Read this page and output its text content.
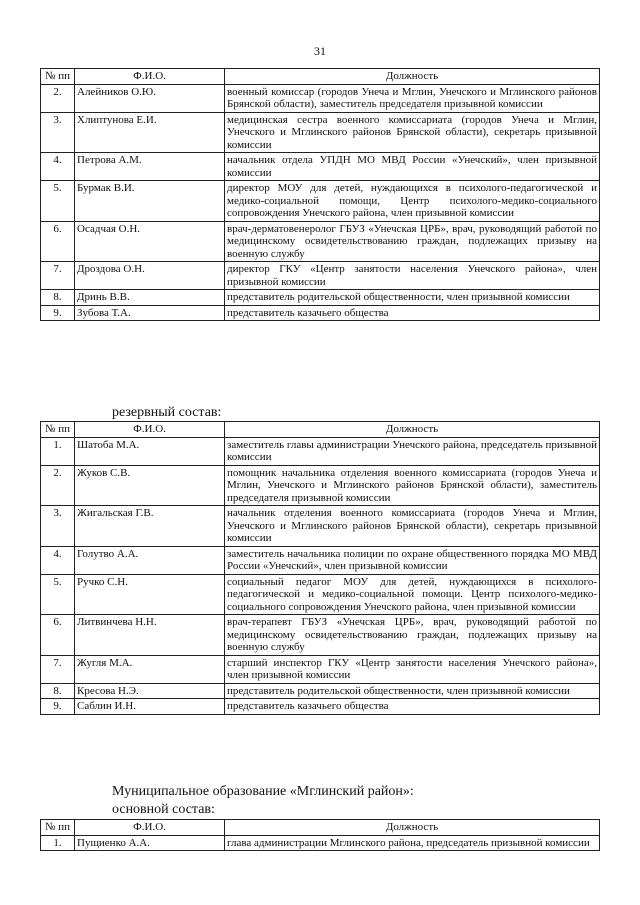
31
№ пп	Ф.И.О.	Должность
2.	Алейников О.Ю.	военный комиссар (городов Унеча и Мглин, Унечского и Мглинского районов Брянской области), заместитель председателя призывной комиссии
3.	Хлиптунова Е.И.	медицинская сестра военного комиссариата (городов Унеча и Мглин, Унечского и Мглинского районов Брянской области), секретарь призывной комиссии
4.	Петрова А.М.	начальник отдела УПДН МО МВД России «Унечский», член призывной комиссии
5.	Бурмак В.И.	директор МОУ для детей, нуждающихся в психолого-педагогической и медико-социальной помощи, Центр психолого-медико-социального сопровождения Унечского района, член призывной комиссии
6.	Осадчая О.Н.	врач-дерматовенеролог ГБУЗ «Унечская ЦРБ», врач, руководящий работой по медицинскому освидетельствованию граждан, подлежащих призыву на военную службу
7.	Дроздова О.Н.	директор ГКУ «Центр занятости населения Унечского района», член призывной комиссии
8.	Дринь В.В.	представитель родительской общественности, член призывной комиссии
9.	Зубова Т.А.	представитель казачьего общества
резервный состав:
№ пп	Ф.И.О.	Должность
1.	Шатоба М.А.	заместитель главы администрации Унечского района, председатель призывной комиссии
2.	Жуков С.В.	помощник начальника отделения военного комиссариата (городов Унеча и Мглин, Унечского и Мглинского районов Брянской области), заместитель председателя призывной комиссии
3.	Жигальская Г.В.	начальник отделения военного комиссариата (городов Унеча и Мглин, Унечского и Мглинского районов Брянской области), секретарь призывной комиссии
4.	Голутво А.А.	заместитель начальника полиции по охране общественного порядка МО МВД России «Унечский», член призывной комиссии
5.	Ручко С.Н.	социальный педагог МОУ для детей, нуждающихся в психолого-педагогической и медико-социальной помощи. Центр психолого-медико-социального сопровождения Унечского района, член призывной комиссии
6.	Литвинчева Н.Н.	врач-терапевт ГБУЗ «Унечская ЦРБ», врач, руководящий работой по медицинскому освидетельствованию граждан, подлежащих призыву на военную службу
7.	Жугля М.А.	старший инспектор ГКУ «Центр занятости населения Унечского района», член призывной комиссии
8.	Кресова Н.Э.	представитель родительской общественности, член призывной комиссии
9.	Саблин И.Н.	представитель казачьего общества
Муниципальное образование «Мглинский район»:
основной состав:
№ пп	Ф.И.О.	Должность
1.	Пущиенко А.А.	глава администрации Мглинского района, председатель призывной комиссии
